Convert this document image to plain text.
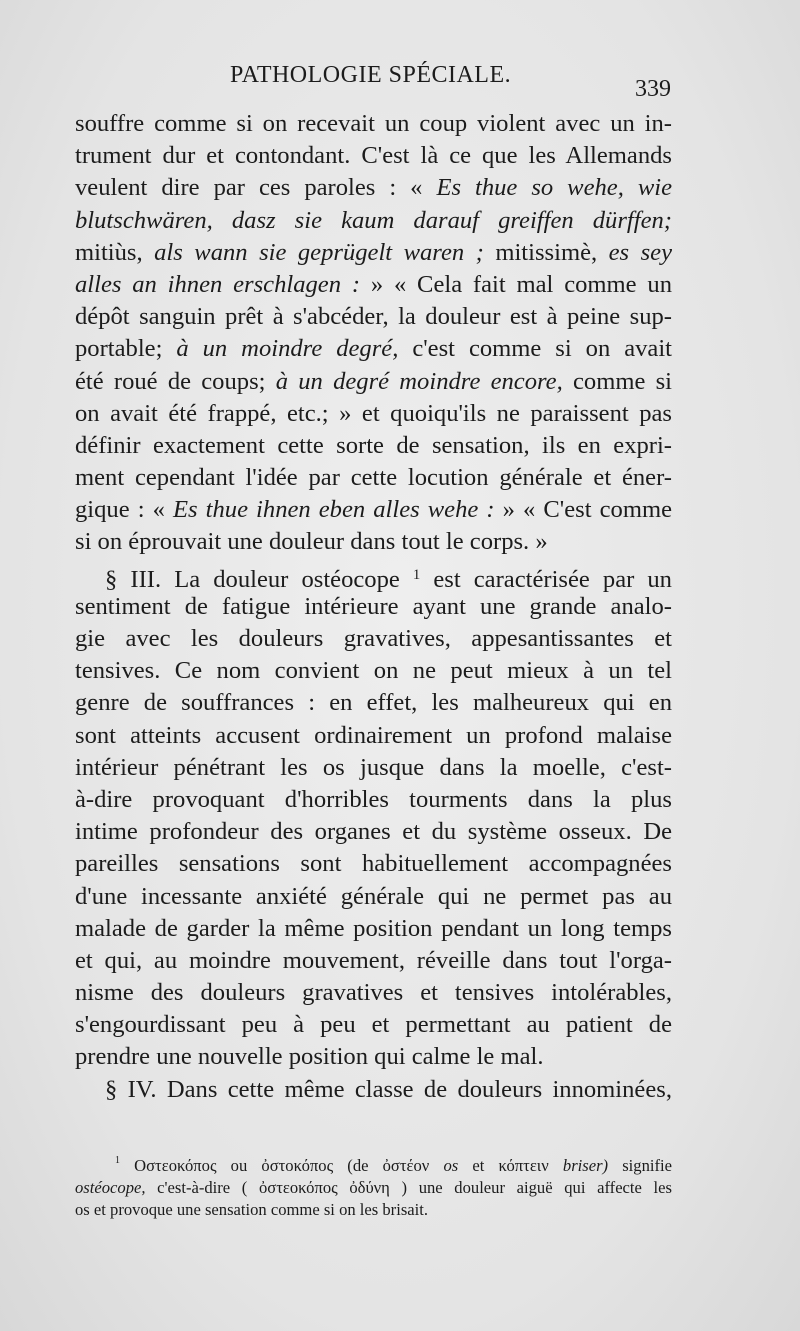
PATHOLOGIE SPÉCIALE.
339
souffre comme si on recevait un coup violent avec un in-
trument dur et contondant. C'est là ce que les Allemands
veulent dire par ces paroles : « Es thue so wehe, wie
blutschwären, dasz sie kaum darauf greiffen dürffen;
mitiùs, als wann sie geprügelt waren ; mitissimè, es sey
alles an ihnen erschlagen : » « Cela fait mal comme un
dépôt sanguin prêt à s'abcéder, la douleur est à peine sup-
portable; à un moindre degré, c'est comme si on avait
été roué de coups; à un degré moindre encore, comme si
on avait été frappé, etc.; » et quoiqu'ils ne paraissent pas
définir exactement cette sorte de sensation, ils en expri-
ment cependant l'idée par cette locution générale et éner-
gique : « Es thue ihnen eben alles wehe : » « C'est comme
si on éprouvait une douleur dans tout le corps. »
§ III. La douleur ostéocope $^1$ est caractérisée par un
sentiment de fatigue intérieure ayant une grande analo-
gie avec les douleurs gravatives, appesantissantes et
tensives. Ce nom convient on ne peut mieux à un tel
genre de souffrances : en effet, les malheureux qui en
sont atteints accusent ordinairement un profond malaise
intérieur pénétrant les os jusque dans la moelle, c'est-
à-dire provoquant d'horribles tourments dans la plus
intime profondeur des organes et du système osseux. De
pareilles sensations sont habituellement accompagnées
d'une incessante anxiété générale qui ne permet pas au
malade de garder la même position pendant un long temps
et qui, au moindre mouvement, réveille dans tout l'orga-
nisme des douleurs gravatives et tensives intolérables,
s'engourdissant peu à peu et permettant au patient de
prendre une nouvelle position qui calme le mal.
§ IV. Dans cette même classe de douleurs innominées,
$^1$ Οστεοκόπος ou ὀστοκόπος (de ὀστέον os et κόπτειν briser) signifie
ostéocope, c'est-à-dire ( ὀστεοκόπος ὀδύνη ) une douleur aiguë qui affecte les
os et provoque une sensation comme si on les brisait.
